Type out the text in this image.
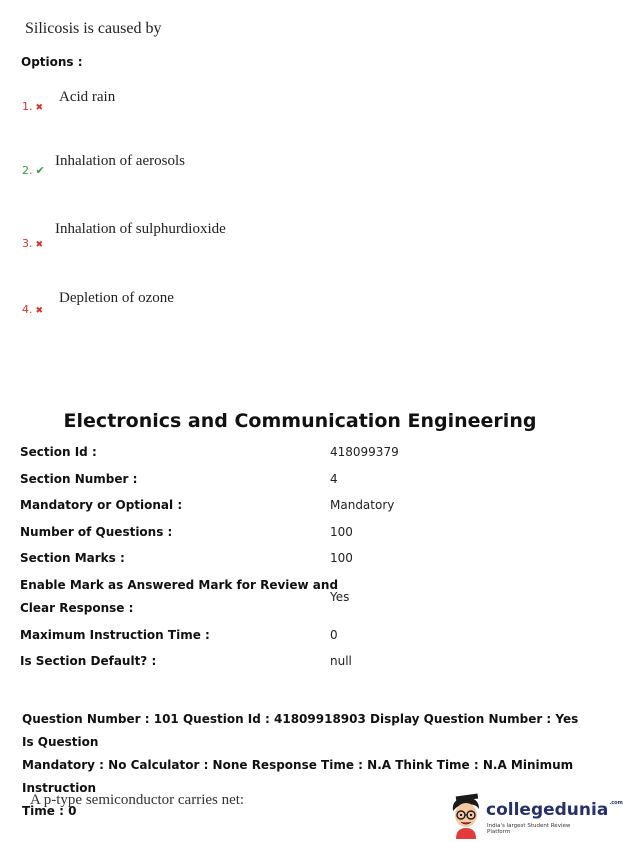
Silicosis is caused by
Options :
1. ✖
Acid rain
2. ✔
Inhalation of aerosols
3. ✖
Inhalation of sulphurdioxide
4. ✖
Depletion of ozone
Electronics and Communication Engineering
Section Id :	418099379
Section Number :	4
Mandatory or Optional :	Mandatory
Number of Questions :	100
Section Marks :	100
Enable Mark as Answered Mark for Review and
Clear Response :
Yes
Maximum Instruction Time :	0
Is Section Default? :	null
Question Number : 101 Question Id : 41809918903 Display Question Number : Yes Is Question
Mandatory : No Calculator : None Response Time : N.A Think Time : N.A Minimum Instruction
Time : 0
A p-type semiconductor carries net:	collegedunia$^{.com}$
India's largest Student Review Platform
